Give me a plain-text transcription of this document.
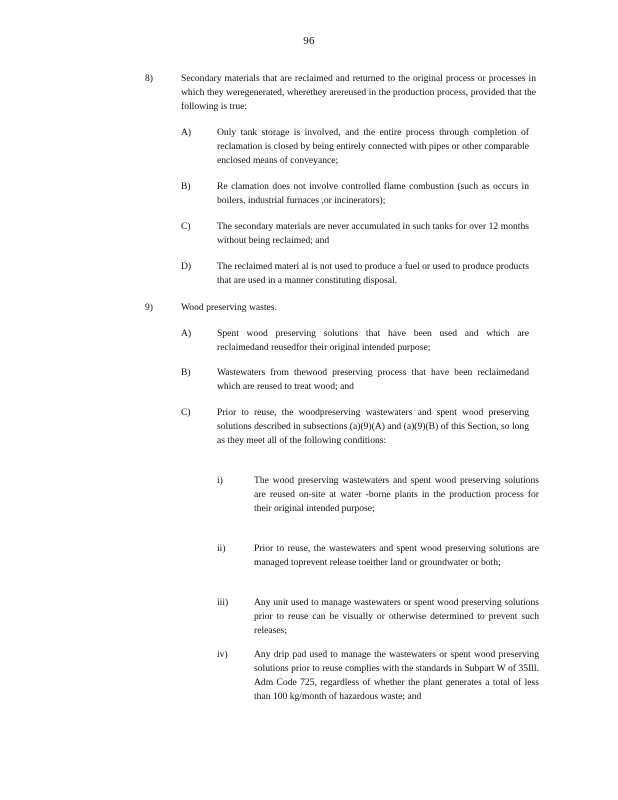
96
8)	Secondary materials that are reclaimed and returned to the original process or processes in which they weregenerated, wherethey arereused in the production process, provided that the following is true:
A)	Only tank storage is involved, and the entire process through completion of reclamation is closed by being entirely connected with pipes or other comparable enclosed means of conveyance;
B)	Re clamation does not involve controlled flame combustion (such as occurs in boilers, industrial furnaces ,or incinerators);
C)	The secondary materials are never accumulated in such tanks for over 12 months without being reclaimed; and
D)	The reclaimed materi al is not used to produce a fuel or used to produce products that are used in a manner constituting disposal.
9)	Wood preserving wastes.
A)	Spent wood preserving solutions that have been used and which are reclaimedand reusedfor their original intended purpose;
B)	Wastewaters from thewood preserving process that have been reclaimedand which are reused to treat wood; and
C)	Prior to reuse, the woodpreserving wastewaters and spent wood preserving solutions described in subsections (a)(9)(A) and (a)(9)(B) of this Section, so long as they meet all of the following conditions:
i)	The wood preserving wastewaters and spent wood preserving solutions are reused on-site at water -borne plants in the production process for their original intended purpose;
ii)	Prior to reuse, the wastewaters and spent wood preserving solutions are managed toprevent release toeither land or groundwater or both;
iii)	Any unit used to manage wastewaters or spent wood preserving solutions prior to reuse can be visually or otherwise determined to prevent such releases;
iv)	Any drip pad used to manage the wastewaters or spent wood preserving solutions prior to reuse complies with the standards in Subpart W of 35Ill. Adm Code 725, regardless of whether the plant generates a total of less than 100 kg/month of hazardous waste; and
